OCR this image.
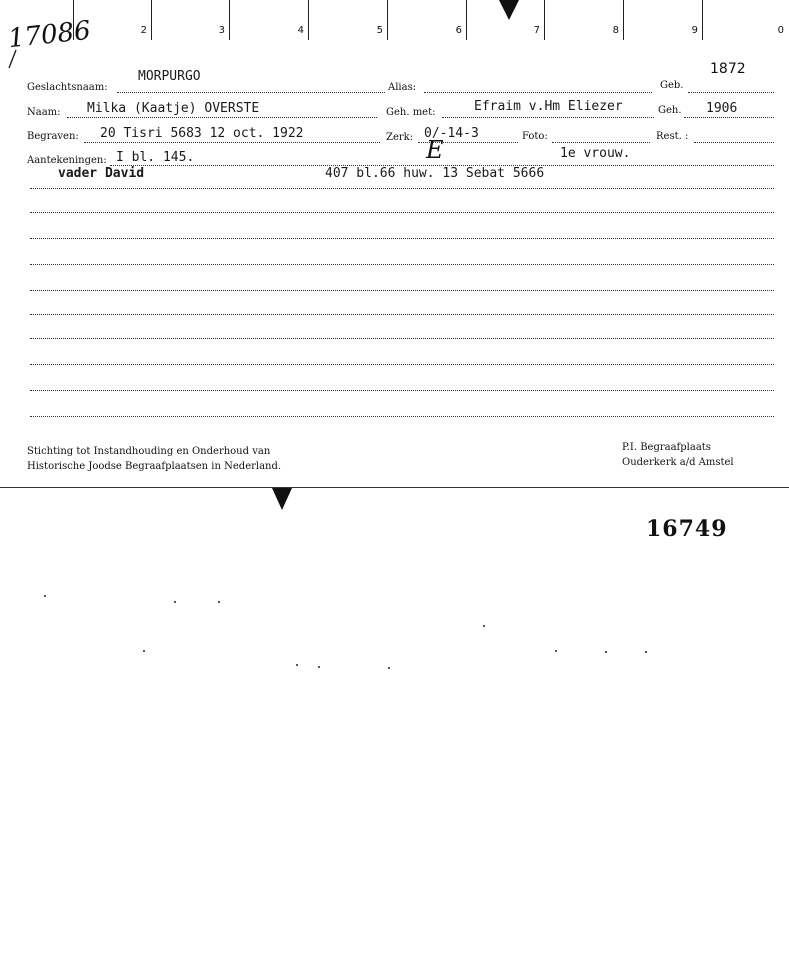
2	3	4	5	6	7	8	9	0
17086
Geslachtsnaam:
MORPURGO
Alias:	Geb.
1872
Naam: Milka (Kaatje) OVERSTE	Geh. met:	Efraim v.Hm Eliezer	Geh. 1906
Begraven: 20 Tisri 5683 12 oct. 1922	Zerk: 0/-14-3	Foto:	Rest. :
Aantekeningen: I bl. 145.	E	1e vrouw.
vader David	407 bl.66 huw. 13 Sebat 5666
Stichting tot Instandhouding en Onderhoud van
Historische Joodse Begraafplaatsen in Nederland.
P.I. Begraafplaats
Ouderkerk a/d Amstel
16749
